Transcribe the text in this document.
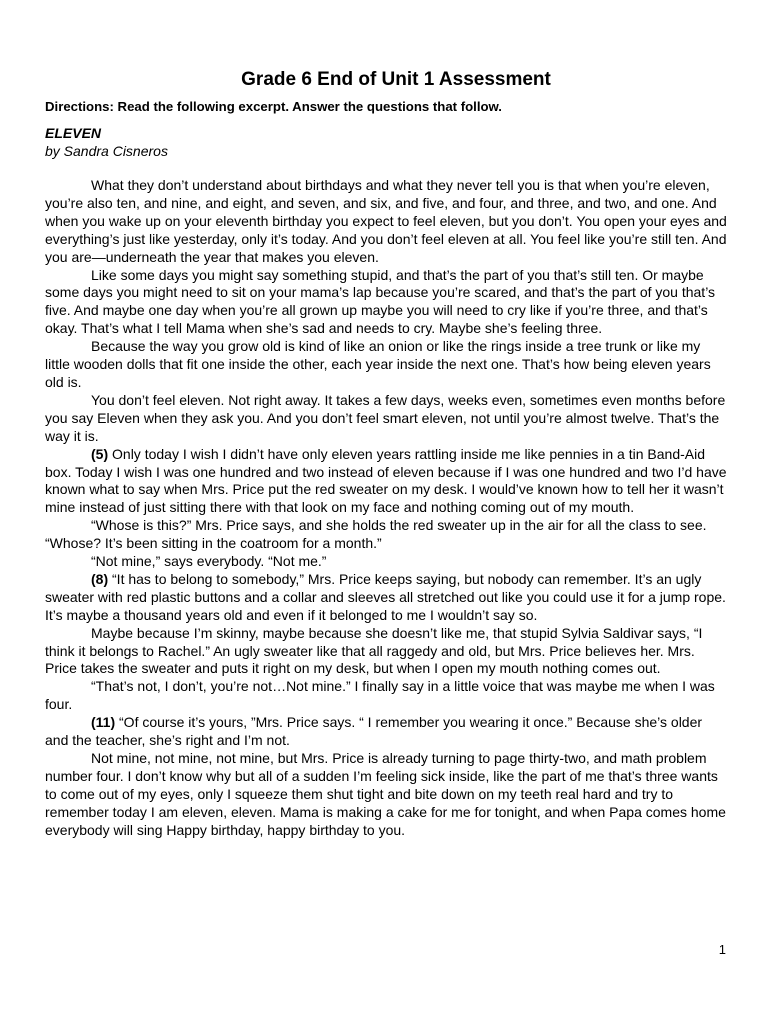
Grade 6 End of Unit 1 Assessment
Directions: Read the following excerpt. Answer the questions that follow.
ELEVEN
by Sandra Cisneros

What they don’t understand about birthdays and what they never tell you is that when you’re eleven, you’re also ten, and nine, and eight, and seven, and six, and five, and four, and three, and two, and one. And when you wake up on your eleventh birthday you expect to feel eleven, but you don’t. You open your eyes and everything’s just like yesterday, only it’s today. And you don’t feel eleven at all. You feel like you’re still ten. And you are—underneath the year that makes you eleven.

Like some days you might say something stupid, and that’s the part of you that’s still ten. Or maybe some days you might need to sit on your mama’s lap because you’re scared, and that’s the part of you that’s five. And maybe one day when you’re all grown up maybe you will need to cry like if you’re three, and that’s okay. That’s what I tell Mama when she’s sad and needs to cry. Maybe she’s feeling three.

Because the way you grow old is kind of like an onion or like the rings inside a tree trunk or like my little wooden dolls that fit one inside the other, each year inside the next one. That’s how being eleven years old is.

You don’t feel eleven. Not right away. It takes a few days, weeks even, sometimes even months before you say Eleven when they ask you. And you don’t feel smart eleven, not until you’re almost twelve. That’s the way it is.

(5) Only today I wish I didn’t have only eleven years rattling inside me like pennies in a tin Band-Aid box. Today I wish I was one hundred and two instead of eleven because if I was one hundred and two I’d have known what to say when Mrs. Price put the red sweater on my desk. I would’ve known how to tell her it wasn’t mine instead of just sitting there with that look on my face and nothing coming out of my mouth.

“Whose is this?” Mrs. Price says, and she holds the red sweater up in the air for all the class to see. “Whose? It’s been sitting in the coatroom for a month.”

“Not mine,” says everybody. “Not me.”

(8) “It has to belong to somebody,” Mrs. Price keeps saying, but nobody can remember. It’s an ugly sweater with red plastic buttons and a collar and sleeves all stretched out like you could use it for a jump rope. It’s maybe a thousand years old and even if it belonged to me I wouldn’t say so.

Maybe because I’m skinny, maybe because she doesn’t like me, that stupid Sylvia Saldivar says, “I think it belongs to Rachel.” An ugly sweater like that all raggedy and old, but Mrs. Price believes her. Mrs. Price takes the sweater and puts it right on my desk, but when I open my mouth nothing comes out.

“That’s not, I don’t, you’re not…Not mine.” I finally say in a little voice that was maybe me when I was four.

(11) “Of course it’s yours, ”Mrs. Price says. “ I remember you wearing it once.” Because she’s older and the teacher, she’s right and I’m not.

Not mine, not mine, not mine, but Mrs. Price is already turning to page thirty-two, and math problem number four. I don’t know why but all of a sudden I’m feeling sick inside, like the part of me that’s three wants to come out of my eyes, only I squeeze them shut tight and bite down on my teeth real hard and try to remember today I am eleven, eleven. Mama is making a cake for me for tonight, and when Papa comes home everybody will sing Happy birthday, happy birthday to you.

1
